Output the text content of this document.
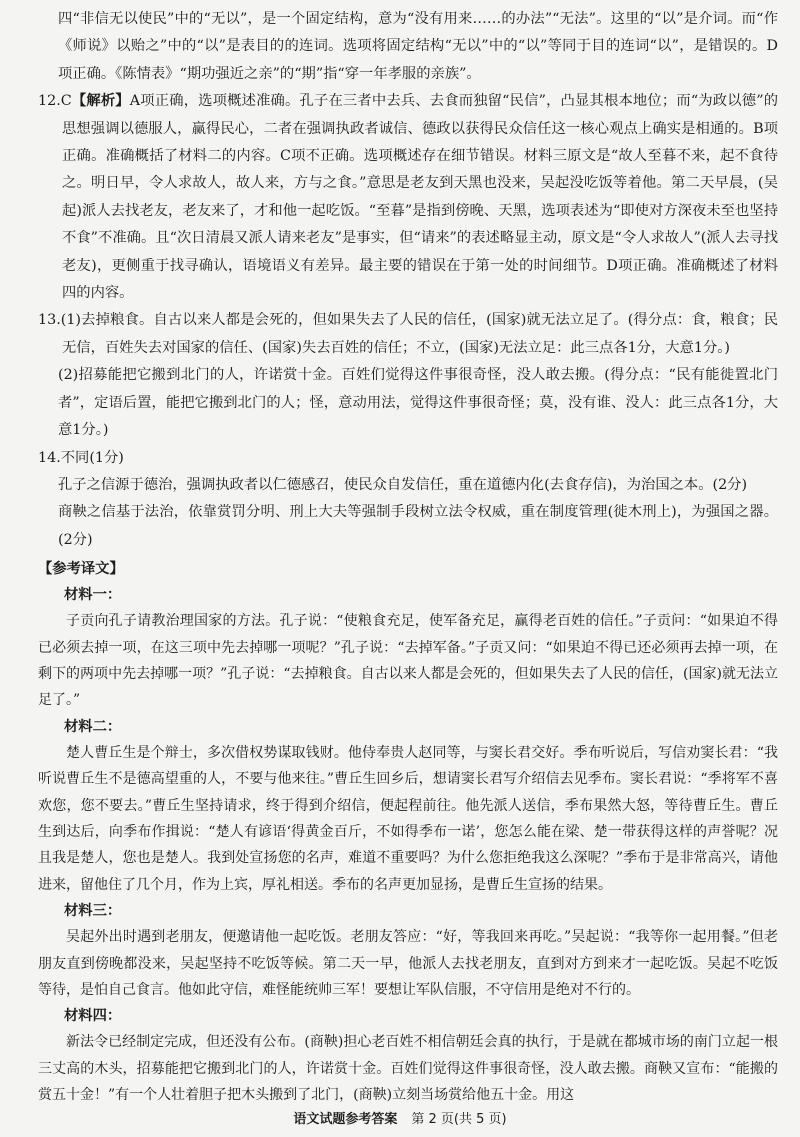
四“非信无以使民”中的“无以”，是一个固定结构，意为“没有用来……的办法”“无法”。这里的“以”是介词。而“作《师说》以贻之”中的“以”是表目的的连词。选项将固定结构“无以”中的“以”等同于目的连词“以”，是错误的。D项正确。《陈情表》“期功强近之亲”的“期”指“穿一年孝服的亲族”。

12.C【解析】A项正确，选项概述准确。孔子在三者中去兵、去食而独留“民信”，凸显其根本地位；而“为政以德”的思想强调以德服人，赢得民心，二者在强调执政者诚信、德政以获得民众信任这一核心观点上确实是相通的。B项正确。准确概括了材料二的内容。C项不正确。选项概述存在细节错误。材料三原文是“故人至暮不来，起不食待之。明日早，令人求故人，故人来，方与之食。”意思是老友到天黑也没来，吴起没吃饭等着他。第二天早晨，(吴起)派人去找老友，老友来了，才和他一起吃饭。“至暮”是指到傍晚、天黑，选项表述为“即使对方深夜未至也坚持不食”不准确。且“次日清晨又派人请来老友”是事实，但“请来”的表述略显主动，原文是“令人求故人”(派人去寻找老友)，更侧重于找寻确认，语境语义有差异。最主要的错误在于第一处的时间细节。D项正确。准确概述了材料四的内容。

13.(1)去掉粮食。自古以来人都是会死的，但如果失去了人民的信任，(国家)就无法立足了。(得分点：食，粮食；民无信，百姓失去对国家的信任、(国家)失去百姓的信任；不立，(国家)无法立足：此三点各1分，大意1分。)

(2)招募能把它搬到北门的人，许诺赏十金。百姓们觉得这件事很奇怪，没人敢去搬。(得分点：“民有能徙置北门者”，定语后置，能把它搬到北门的人；怪，意动用法，觉得这件事很奇怪；莫，没有谁、没人：此三点各1分，大意1分。)

14.不同(1分)

孔子之信源于德治，强调执政者以仁德感召，使民众自发信任，重在道德内化(去食存信)，为治国之本。(2分)

商鞅之信基于法治，依靠赏罚分明、刑上大夫等强制手段树立法令权威，重在制度管理(徙木刑上)，为强国之器。(2分)

【参考译文】

材料一：

子贡向孔子请教治理国家的方法。孔子说：“使粮食充足，使军备充足，赢得老百姓的信任。”子贡问：“如果迫不得已必须去掉一项，在这三项中先去掉哪一项呢？”孔子说：“去掉军备。”子贡又问：“如果迫不得已还必须再去掉一项，在剩下的两项中先去掉哪一项？”孔子说：“去掉粮食。自古以来人都是会死的，但如果失去了人民的信任，(国家)就无法立足了。”

材料二：

楚人曹丘生是个辩士，多次借权势谋取钱财。他侍奉贵人赵同等，与窦长君交好。季布听说后，写信劝窦长君：“我听说曹丘生不是德高望重的人，不要与他来往。”曹丘生回乡后，想请窦长君写介绍信去见季布。窦长君说：“季将军不喜欢您，您不要去。”曹丘生坚持请求，终于得到介绍信，便起程前往。他先派人送信，季布果然大怒，等待曹丘生。曹丘生到达后，向季布作揖说：“楚人有谚语‘得黄金百斤，不如得季布一诺’，您怎么能在梁、楚一带获得这样的声誉呢？况且我是楚人，您也是楚人。我到处宣扬您的名声，难道不重要吗？为什么您拒绝我这么深呢？”季布于是非常高兴，请他进来，留他住了几个月，作为上宾，厚礼相送。季布的名声更加显扬，是曹丘生宣扬的结果。

材料三：

吴起外出时遇到老朋友，便邀请他一起吃饭。老朋友答应：“好，等我回来再吃。”吴起说：“我等你一起用餐。”但老朋友直到傍晚都没来，吴起坚持不吃饭等候。第二天一早，他派人去找老朋友，直到对方到来才一起吃饭。吴起不吃饭等待，是怕自己食言。他如此守信，难怪能统帅三军！要想让军队信服，不守信用是绝对不行的。

材料四：

新法令已经制定完成，但还没有公布。(商鞅)担心老百姓不相信朝廷会真的执行，于是就在都城市场的南门立起一根三丈高的木头，招募能把它搬到北门的人，许诺赏十金。百姓们觉得这件事很奇怪，没人敢去搬。商鞅又宣布：“能搬的赏五十金！”有一个人壮着胆子把木头搬到了北门，(商鞅)立刻当场赏给他五十金。用这

语文试题参考答案 第 2 页(共 5 页)
